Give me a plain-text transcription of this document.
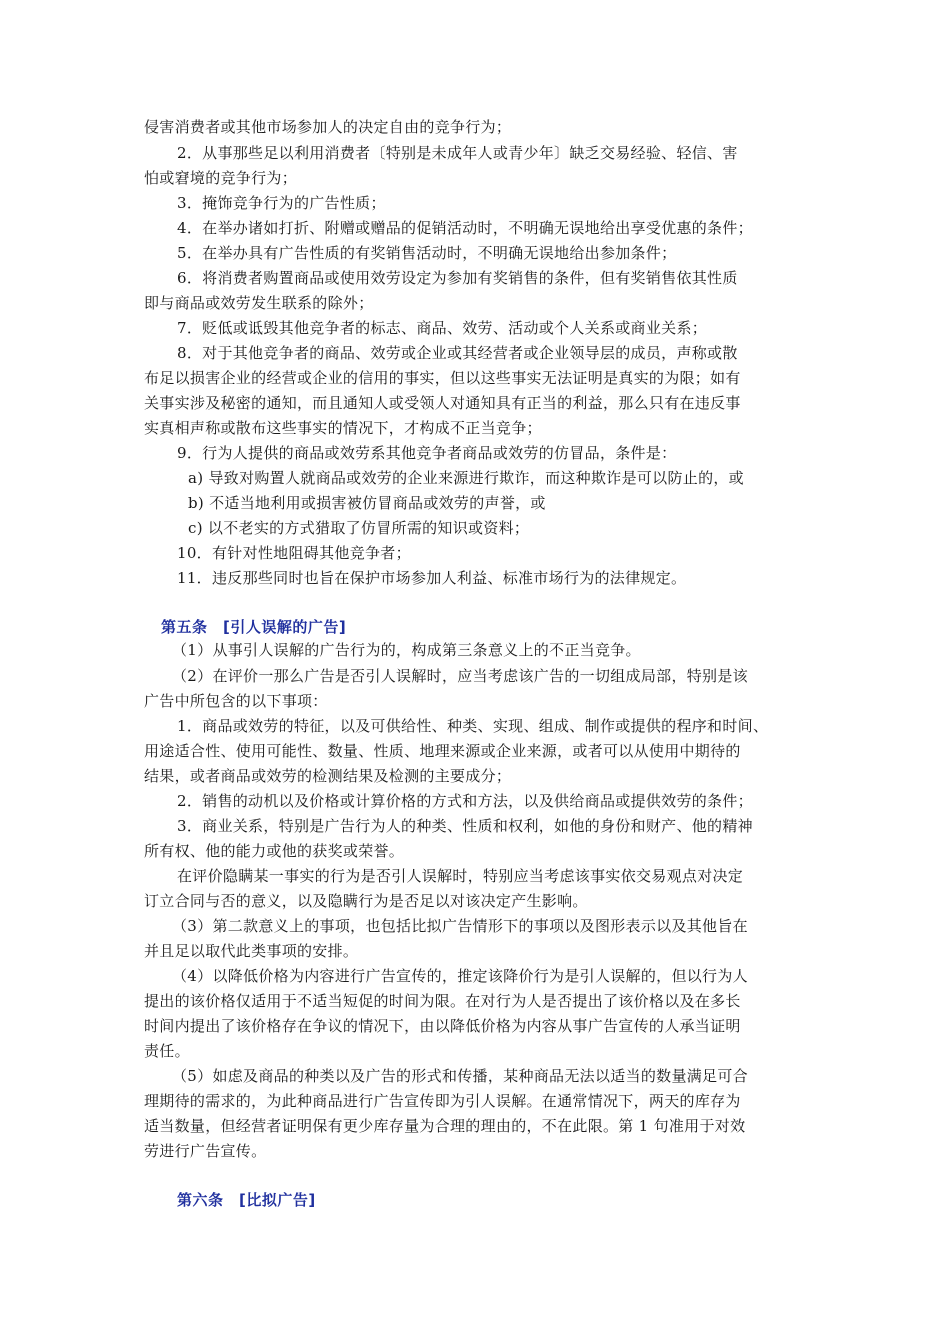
侵害消费者或其他市场参加人的决定自由的竞争行为；
2．从事那些足以利用消费者〔特别是未成年人或青少年〕缺乏交易经验、轻信、害
怕或窘境的竞争行为；
3．掩饰竞争行为的广告性质；
4．在举办诸如打折、附赠或赠品的促销活动时，不明确无误地给出享受优惠的条件；
5．在举办具有广告性质的有奖销售活动时，不明确无误地给出参加条件；
6．将消费者购置商品或使用效劳设定为参加有奖销售的条件，但有奖销售依其性质
即与商品或效劳发生联系的除外；
7．贬低或诋毁其他竞争者的标志、商品、效劳、活动或个人关系或商业关系；
8．对于其他竞争者的商品、效劳或企业或其经营者或企业领导层的成员，声称或散
布足以损害企业的经营或企业的信用的事实，但以这些事实无法证明是真实的为限；如有
关事实涉及秘密的通知，而且通知人或受领人对通知具有正当的利益，那么只有在违反事
实真相声称或散布这些事实的情况下，才构成不正当竞争；
9．行为人提供的商品或效劳系其他竞争者商品或效劳的仿冒品，条件是：
a) 导致对购置人就商品或效劳的企业来源进行欺诈，而这种欺诈是可以防止的，或
b) 不适当地利用或损害被仿冒商品或效劳的声誉，或
c) 以不老实的方式猎取了仿冒所需的知识或资料；
10．有针对性地阻碍其他竞争者；
11．违反那些同时也旨在保护市场参加人利益、标准市场行为的法律规定。
第五条　[引人误解的广告]
（1）从事引人误解的广告行为的，构成第三条意义上的不正当竞争。
（2）在评价一那么广告是否引人误解时，应当考虑该广告的一切组成局部，特别是该
广告中所包含的以下事项：
1．商品或效劳的特征，以及可供给性、种类、实现、组成、制作或提供的程序和时间、
用途适合性、使用可能性、数量、性质、地理来源或企业来源，或者可以从使用中期待的
结果，或者商品或效劳的检测结果及检测的主要成分；
2．销售的动机以及价格或计算价格的方式和方法，以及供给商品或提供效劳的条件；
3．商业关系，特别是广告行为人的种类、性质和权利，如他的身份和财产、他的精神
所有权、他的能力或他的获奖或荣誉。
在评价隐瞒某一事实的行为是否引人误解时，特别应当考虑该事实依交易观点对决定
订立合同与否的意义，以及隐瞒行为是否足以对该决定产生影响。
（3）第二款意义上的事项，也包括比拟广告情形下的事项以及图形表示以及其他旨在
并且足以取代此类事项的安排。
（4）以降低价格为内容进行广告宣传的，推定该降价行为是引人误解的，但以行为人
提出的该价格仅适用于不适当短促的时间为限。在对行为人是否提出了该价格以及在多长
时间内提出了该价格存在争议的情况下，由以降低价格为内容从事广告宣传的人承当证明
责任。
（5）如虑及商品的种类以及广告的形式和传播，某种商品无法以适当的数量满足可合
理期待的需求的，为此种商品进行广告宣传即为引人误解。在通常情况下，两天的库存为
适当数量，但经营者证明保有更少库存量为合理的理由的，不在此限。第 1 句准用于对效
劳进行广告宣传。
第六条　[比拟广告]
